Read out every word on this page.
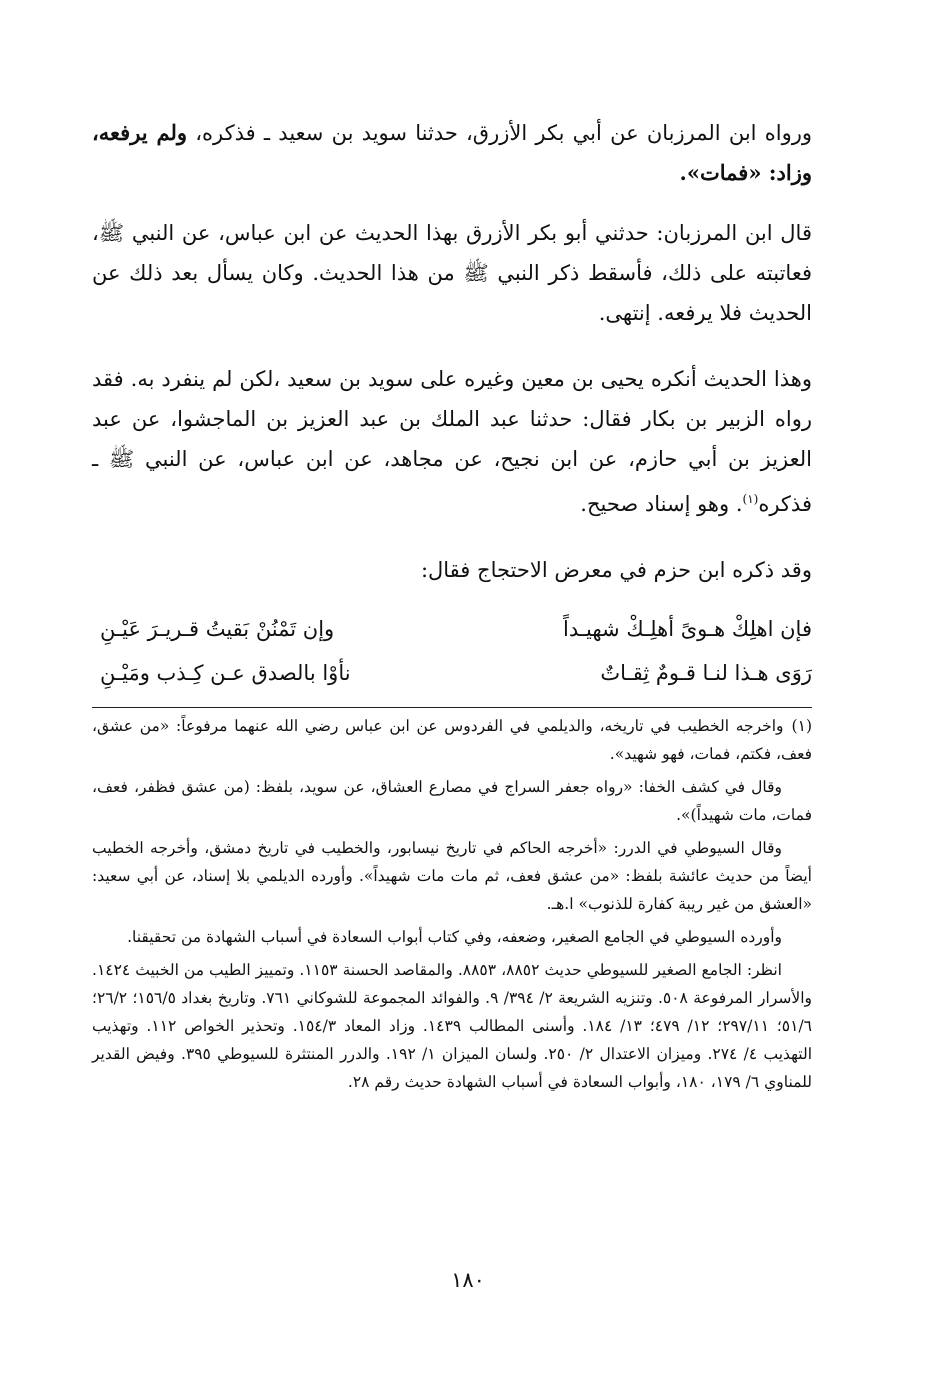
ورواه ابن المرزبان عن أبي بكر الأزرق، حدثنا سويد بن سعيد ـ فذكره، ولم يرفعه، وزاد: «فمات».

قال ابن المرزبان: حدثني أبو بكر الأزرق بهذا الحديث عن ابن عباس، عن النبي ﷺ، فعاتبته على ذلك، فأسقط ذكر النبي ﷺ من هذا الحديث. وكان يسأل بعد ذلك عن الحديث فلا يرفعه. إنتهى.

وهذا الحديث أنكره يحيى بن معين وغيره على سويد بن سعيد ،لكن لم ينفرد به. فقد رواه الزبير بن بكار فقال: حدثنا عبد الملك بن عبد العزيز بن الماجشوا، عن عبد العزيز بن أبي حازم، عن ابن نجيح، عن مجاهد، عن ابن عباس، عن النبي ﷺ ـ فذكره$^{(١)}$. وهو إسناد صحيح.

وقد ذكره ابن حزم في معرض الاحتجاج فقال:

فإن اهلِكْ هـوىً أهلِـكْ شهيـداً
وإن تَمْنُنْ بَقيتُ قـريـرَ عَيْـنِ
رَوَى هـذا لنـا قـومٌ ثِقـاتٌ
نأوْا بالصدق عـن كِـذب ومَيْـنِ

(١)واخرجه الخطيب في تاريخه، والديلمي في الفردوس عن ابن عباس رضي الله عنهما مرفوعاً: «من عشق، فعف، فكتم، فمات، فهو شهيد».

وقال في كشف الخفا: «رواه جعفر السراج في مصارع العشاق، عن سويد، بلفظ: (من عشق فظفر، فعف، فمات، مات شهيداً)».

وقال السيوطي في الدرر: «أخرجه الحاكم في تاريخ نيسابور، والخطيب في تاريخ دمشق، وأخرجه الخطيب أيضاً من حديث عائشة بلفظ: «من عشق فعف، ثم مات مات شهيداً». وأورده الديلمي بلا إسناد، عن أبي سعيد: «العشق من غير ريبة كفارة للذنوب» ا.هـ.

وأورده السيوطي في الجامع الصغير، وضعفه، وفي كتاب أبواب السعادة في أسباب الشهادة من تحقيقنا.

انظر: الجامع الصغير للسيوطي حديث ٨٨٥٢، ٨٨٥٣. والمقاصد الحسنة ١١٥٣. وتمييز الطيب من الخبيث ١٤٢٤. والأسرار المرفوعة ٥٠٨. وتنزيه الشريعة ٢/ ٣٩٤/ ٩. والفوائد المجموعة للشوكاني ٧٦١. وتاريخ بغداد ١٥٦/٥؛ ٢٦/٢؛ ٥١/٦؛ ٢٩٧/١١؛ ١٢/ ٤٧٩؛ ١٣/ ١٨٤. وأسنى المطالب ١٤٣٩. وزاد المعاد ١٥٤/٣. وتحذير الخواص ١١٢. وتهذيب التهذيب ٤/ ٢٧٤. وميزان الاعتدال ٢/ ٢٥٠. ولسان الميزان ١/ ١٩٢. والدرر المنتثرة للسيوطي ٣٩٥. وفيض القدير للمناوي ٦/ ١٧٩، ١٨٠، وأبواب السعادة في أسباب الشهادة حديث رقم ٢٨.

١٨٠
